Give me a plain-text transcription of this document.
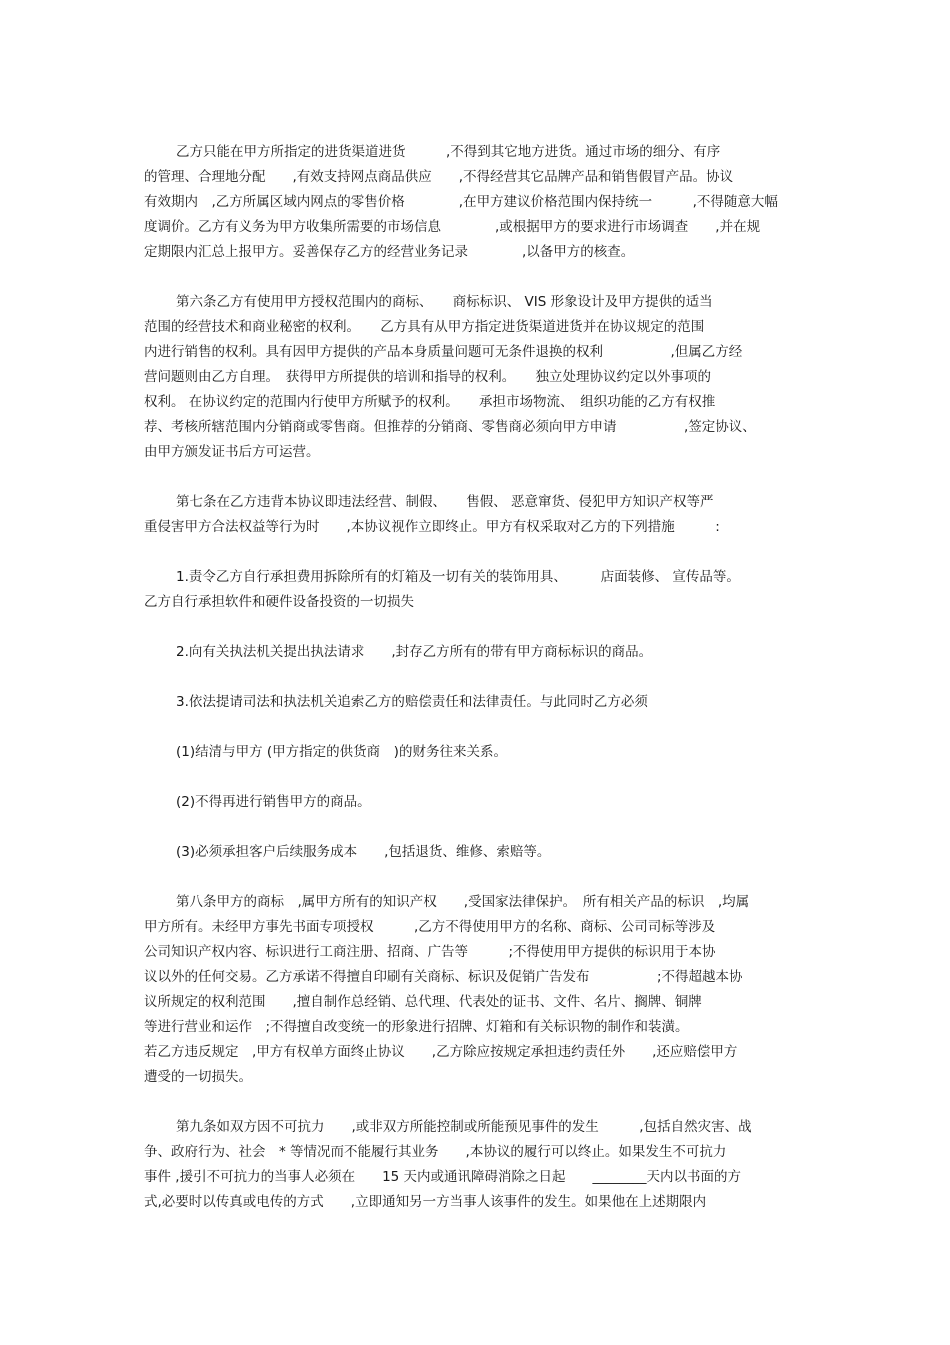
乙方只能在甲方所指定的进货渠道进货　　　,不得到其它地方进货。通过市场的细分、有序

的管理、合理地分配　　,有效支持网点商品供应　　,不得经营其它品牌产品和销售假冒产品。协议

有效期内　,乙方所属区域内网点的零售价格　　　　,在甲方建议价格范围内保持统一　　　,不得随意大幅

度调价。乙方有义务为甲方收集所需要的市场信息　　　　,或根据甲方的要求进行市场调查　　,并在规

定期限内汇总上报甲方。妥善保存乙方的经营业务记录　　　　,以备甲方的核查。

第六条乙方有使用甲方授权范围内的商标、　　商标标识、 VIS 形象设计及甲方提供的适当

范围的经营技术和商业秘密的权利。　　乙方具有从甲方指定进货渠道进货并在协议规定的范围

内进行销售的权利。具有因甲方提供的产品本身质量问题可无条件退换的权利　　　　　,但属乙方经

营问题则由乙方自理。　获得甲方所提供的培训和指导的权利。　　独立处理协议约定以外事项的

权利。 在协议约定的范围内行使甲方所赋予的权利。　　承担市场物流、　组织功能的乙方有权推

荐、考核所辖范围内分销商或零售商。但推荐的分销商、零售商必须向甲方申请　　　　　,签定协议、

由甲方颁发证书后方可运营。

第七条在乙方违背本协议即违法经营、制假、　　售假、 恶意窜货、侵犯甲方知识产权等严

重侵害甲方合法权益等行为时　　,本协议视作立即终止。甲方有权采取对乙方的下列措施　　　:

1.责令乙方自行承担费用拆除所有的灯箱及一切有关的装饰用具、　　　店面装修、 宣传品等。

乙方自行承担软件和硬件设备投资的一切损失

2.向有关执法机关提出执法请求　　,封存乙方所有的带有甲方商标标识的商品。

3.依法提请司法和执法机关追索乙方的赔偿责任和法律责任。与此同时乙方必须

(1)结清与甲方 (甲方指定的供货商　)的财务往来关系。

(2)不得再进行销售甲方的商品。

(3)必须承担客户后续服务成本　　,包括退货、维修、索赔等。

第八条甲方的商标　,属甲方所有的知识产权　　,受国家法律保护。　所有相关产品的标识　,均属

甲方所有。未经甲方事先书面专项授权　　　,乙方不得使用甲方的名称、商标、公司司标等涉及

公司知识产权内容、标识进行工商注册、招商、广告等　　　;不得使用甲方提供的标识用于本协

议以外的任何交易。乙方承诺不得擅自印刷有关商标、标识及促销广告发布　　　　　;不得超越本协

议所规定的权利范围　　,擅自制作总经销、总代理、代表处的证书、文件、名片、搁牌、铜牌

等进行营业和运作　;不得擅自改变统一的形象进行招牌、灯箱和有关标识物的制作和装潢。

若乙方违反规定　,甲方有权单方面终止协议　　,乙方除应按规定承担违约责任外　　,还应赔偿甲方

遭受的一切损失。

第九条如双方因不可抗力　　,或非双方所能控制或所能预见事件的发生　　　,包括自然灾害、战

争、政府行为、社会　* 等情况而不能履行其业务　　,本协议的履行可以终止。如果发生不可抗力

事件 ,援引不可抗力的当事人必须在　　15 天内或通讯障碍消除之日起　　________天内以书面的方

式,必要时以传真或电传的方式　　,立即通知另一方当事人该事件的发生。如果他在上述期限内
